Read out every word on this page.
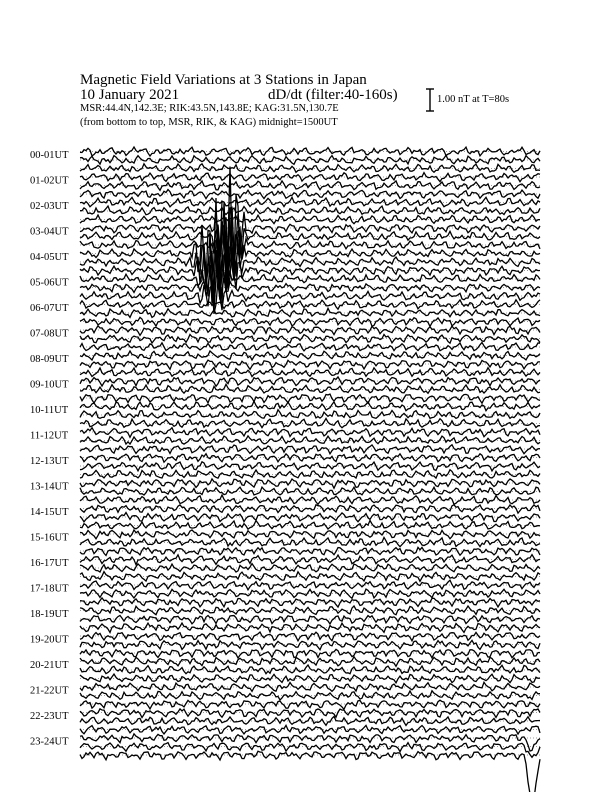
00-01UT
01-02UT
02-03UT
03-04UT
04-05UT
05-06UT
06-07UT
07-08UT
08-09UT
09-10UT
10-11UT
11-12UT
12-13UT
13-14UT
14-15UT
15-16UT
16-17UT
17-18UT
18-19UT
19-20UT
20-21UT
21-22UT
22-23UT
23-24UT
Magnetic Field Variations at 3 Stations in Japan
10 January 2021	dD/dt (filter:40-160s)
MSR:44.4N,142.3E; RIK:43.5N,143.8E; KAG:31.5N,130.7E
(from bottom to top, MSR, RIK, & KAG) midnight=1500UT
1.00 nT at T=80s
